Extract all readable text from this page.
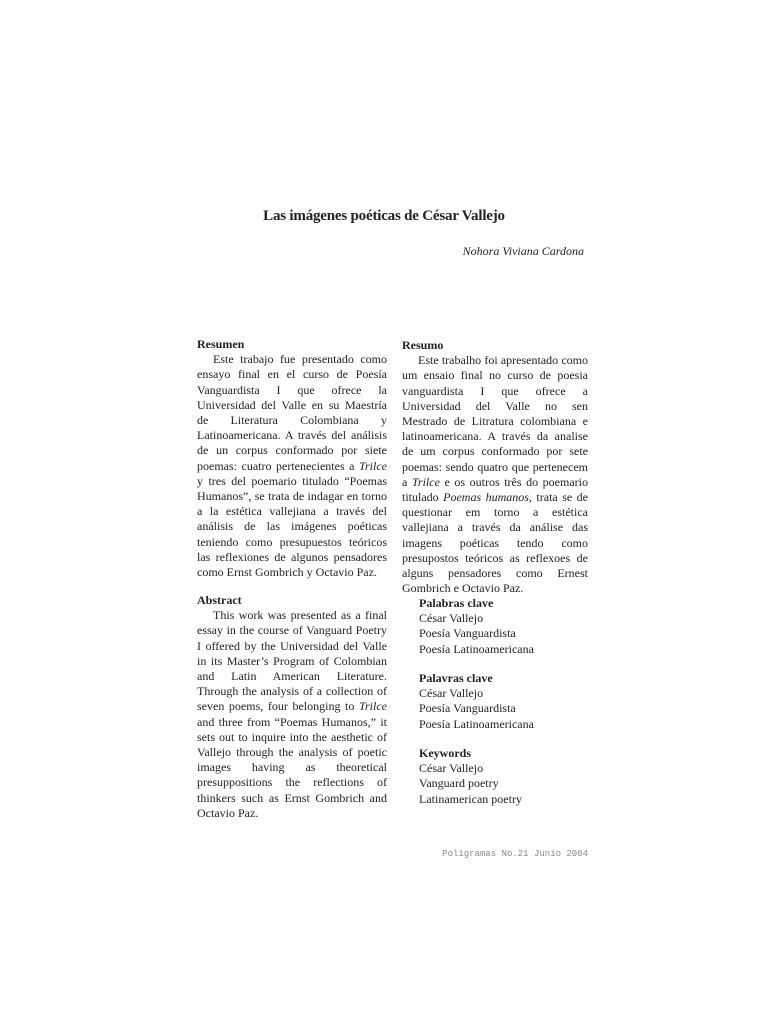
Las imágenes poéticas de César Vallejo
Nohora Viviana Cardona
Resumen

Este trabajo fue presentado como ensayo final en el curso de Poesía Vanguardista I que ofrece la Universidad del Valle en su Maestría de Literatura Colombiana y Latinoamericana. A través del análisis de un corpus conformado por siete poemas: cuatro pertenecientes a Trilce y tres del poemario titulado “Poemas Humanos”, se trata de indagar en torno a la estética vallejiana a través del análisis de las imágenes poéticas teniendo como presupuestos teóricos las reflexiones de algunos pensadores como Ernst Gombrich y Octavio Paz.

Abstract

This work was presented as a final essay in the course of Vanguard Poetry I offered by the Universidad del Valle in its Master’s Program of Colombian and Latin American Literature. Through the analysis of a collection of seven poems, four belonging to Trilce and three from “Poemas Humanos,” it sets out to inquire into the aesthetic of Vallejo through the analysis of poetic images having as theoretical presuppositions the reflections of thinkers such as Ernst Gombrich and Octavio Paz.

Resumo

Este trabalho foi apresentado como um ensaio final no curso de poesia vanguardista I que ofrece a Universidad del Valle no sen Mestrado de Litratura colombiana e latinoamericana. A través da analise de um corpus conformado por sete poemas: sendo quatro que pertenecem a Trilce e os outros três do poemario titulado Poemas humanos, trata se de questionar em torno a estética vallejiana a través da análise das imagens poéticas tendo como presupostos teóricos as reflexoes de alguns pensadores como Ernest Gombrich e Octavio Paz.

Palabras clave
César Vallejo
Poesía Vanguardista
Poesía Latinoamericana
Palavras clave
César Vallejo
Poesía Vanguardista
Poesía Latinoamericana
Keywords
César Vallejo
Vanguard poetry
Latinamerican poetry
Poligramas No.21 Junio 2004
